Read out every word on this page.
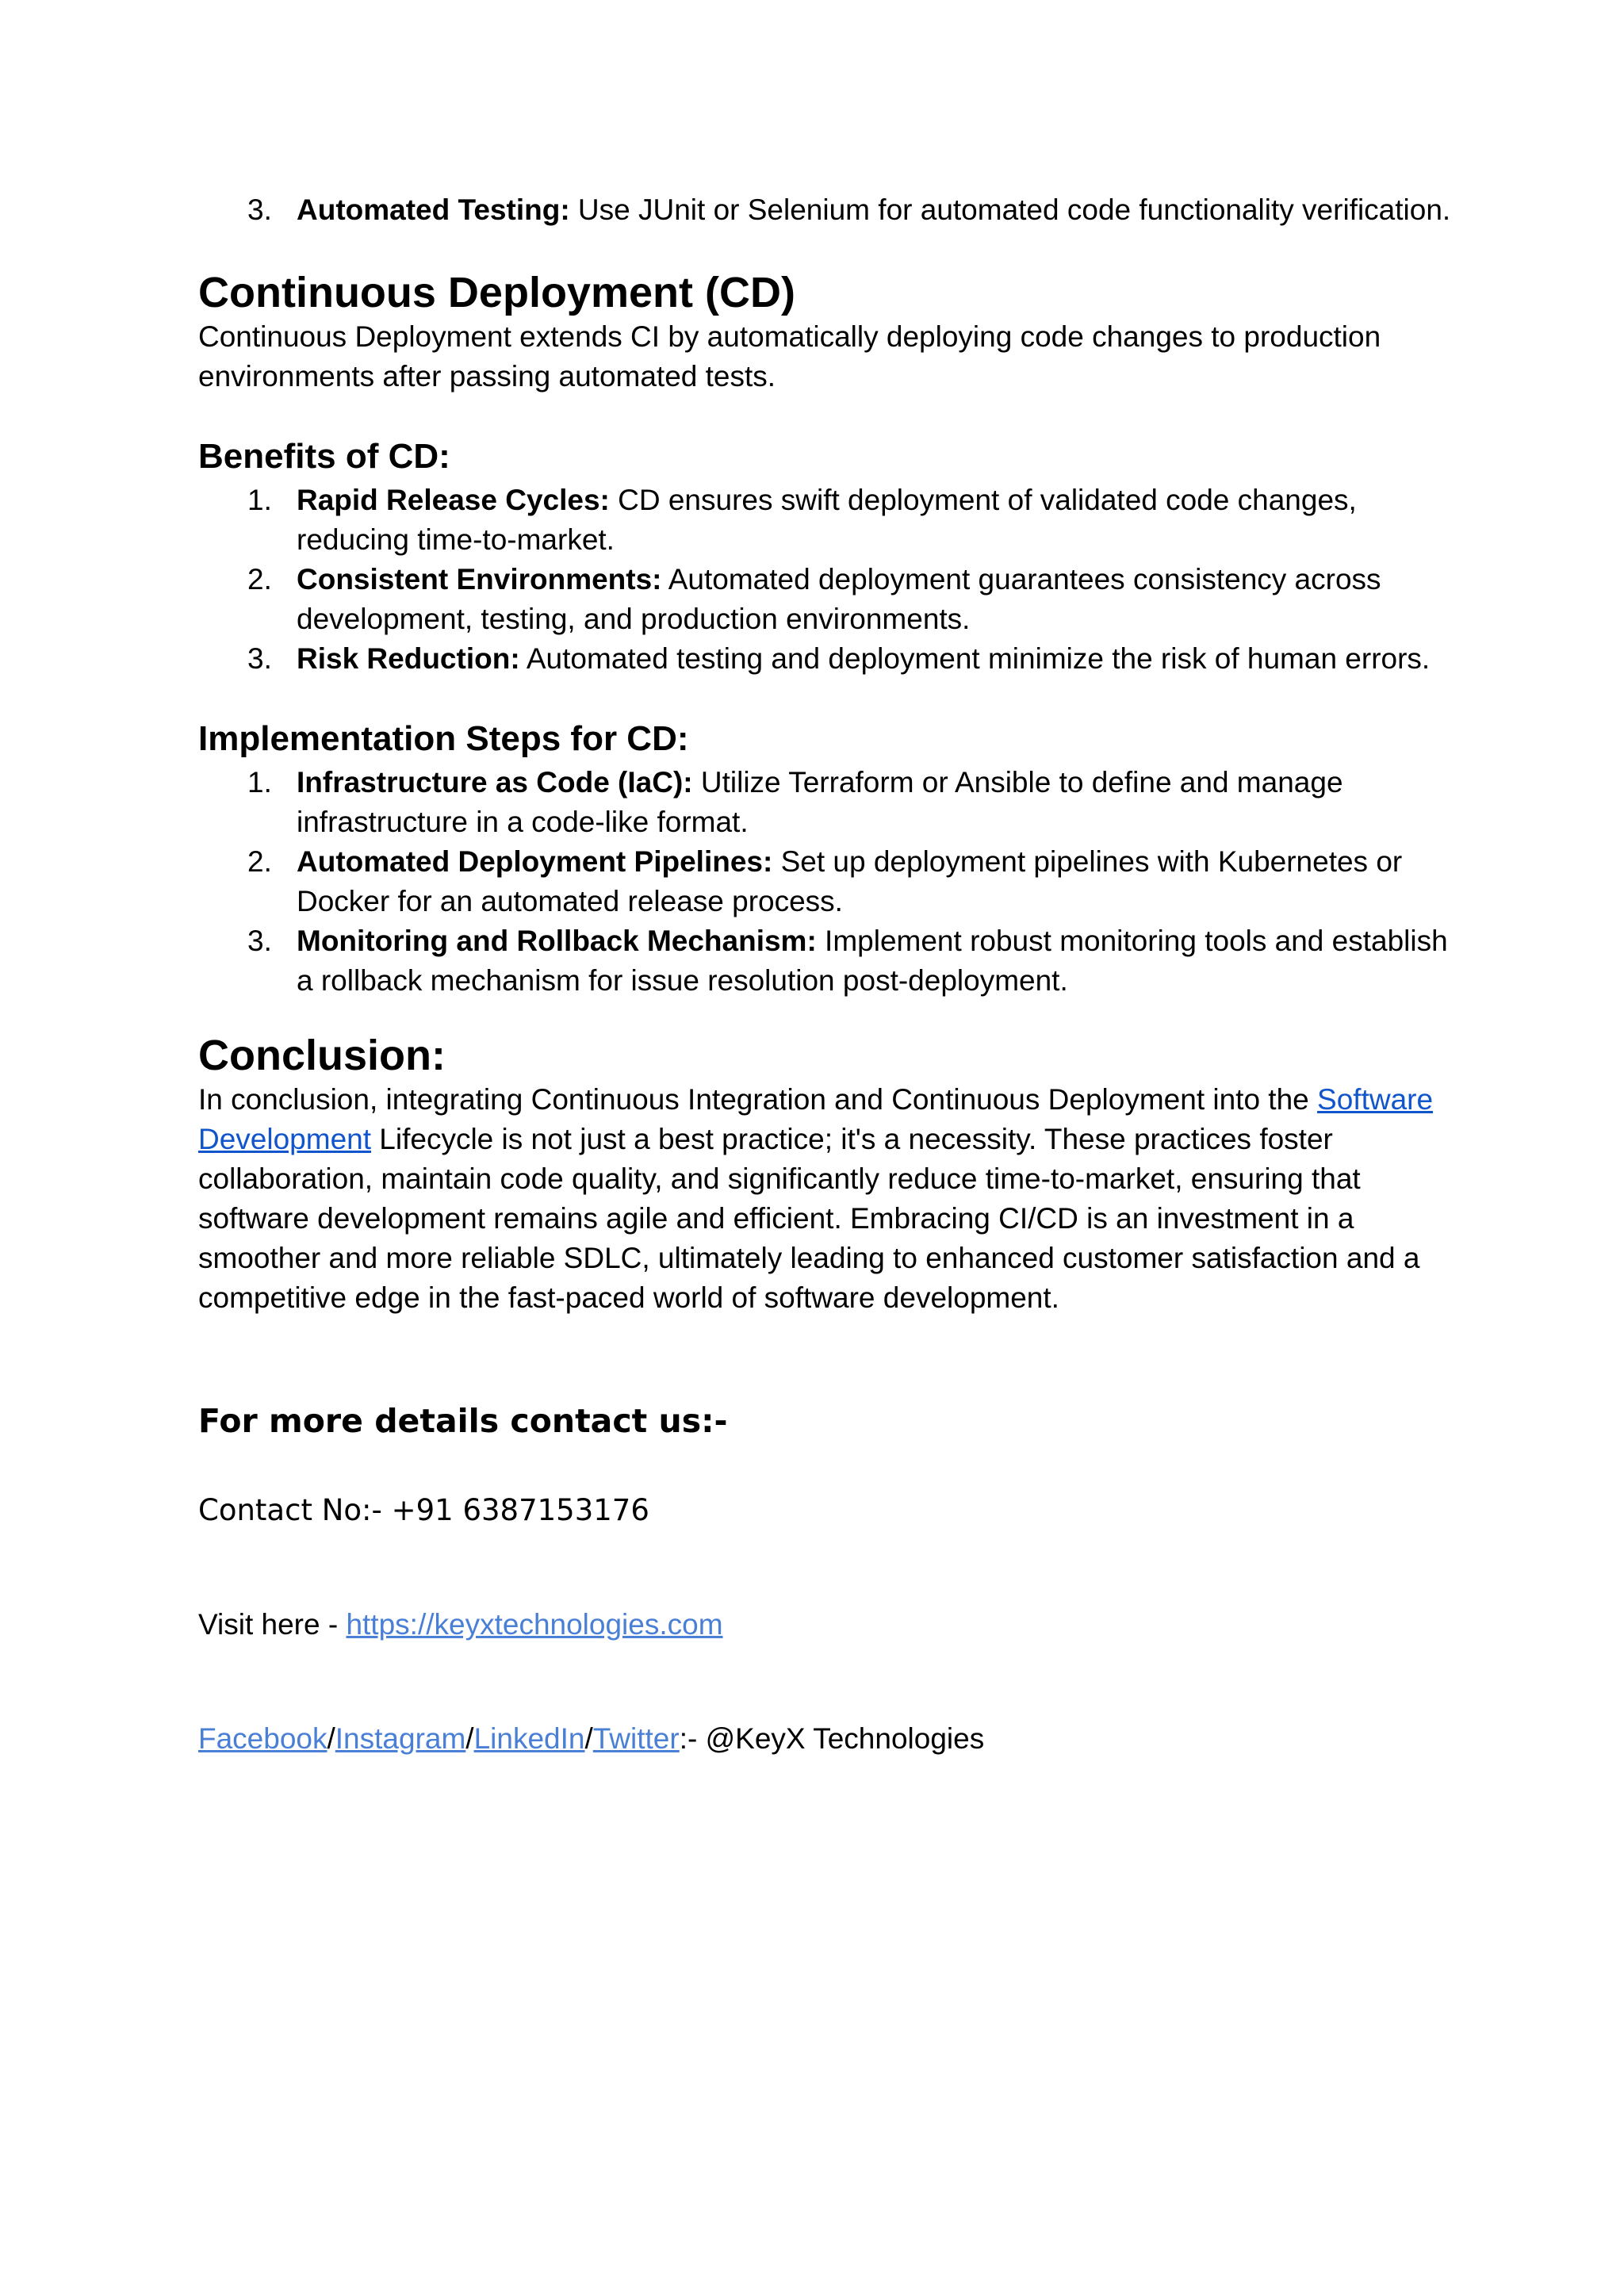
3. Automated Testing: Use JUnit or Selenium for automated code functionality verification.
Continuous Deployment (CD)

Continuous Deployment extends CI by automatically deploying code changes to production environments after passing automated tests.

Benefits of CD:
1. Rapid Release Cycles: CD ensures swift deployment of validated code changes, reducing time-to-market.
2. Consistent Environments: Automated deployment guarantees consistency across development, testing, and production environments.
3. Risk Reduction: Automated testing and deployment minimize the risk of human errors.
Implementation Steps for CD:
1. Infrastructure as Code (IaC): Utilize Terraform or Ansible to define and manage infrastructure in a code-like format.
2. Automated Deployment Pipelines: Set up deployment pipelines with Kubernetes or Docker for an automated release process.
3. Monitoring and Rollback Mechanism: Implement robust monitoring tools and establish a rollback mechanism for issue resolution post-deployment.
Conclusion:

In conclusion, integrating Continuous Integration and Continuous Deployment into the Software Development Lifecycle is not just a best practice; it's a necessity. These practices foster collaboration, maintain code quality, and significantly reduce time-to-market, ensuring that software development remains agile and efficient. Embracing CI/CD is an investment in a smoother and more reliable SDLC, ultimately leading to enhanced customer satisfaction and a competitive edge in the fast-paced world of software development.

For more details contact us:-

Contact No:- +91 6387153176

Visit here - https://keyxtechnologies.com

Facebook/Instagram/LinkedIn/Twitter:- @KeyX Technologies
